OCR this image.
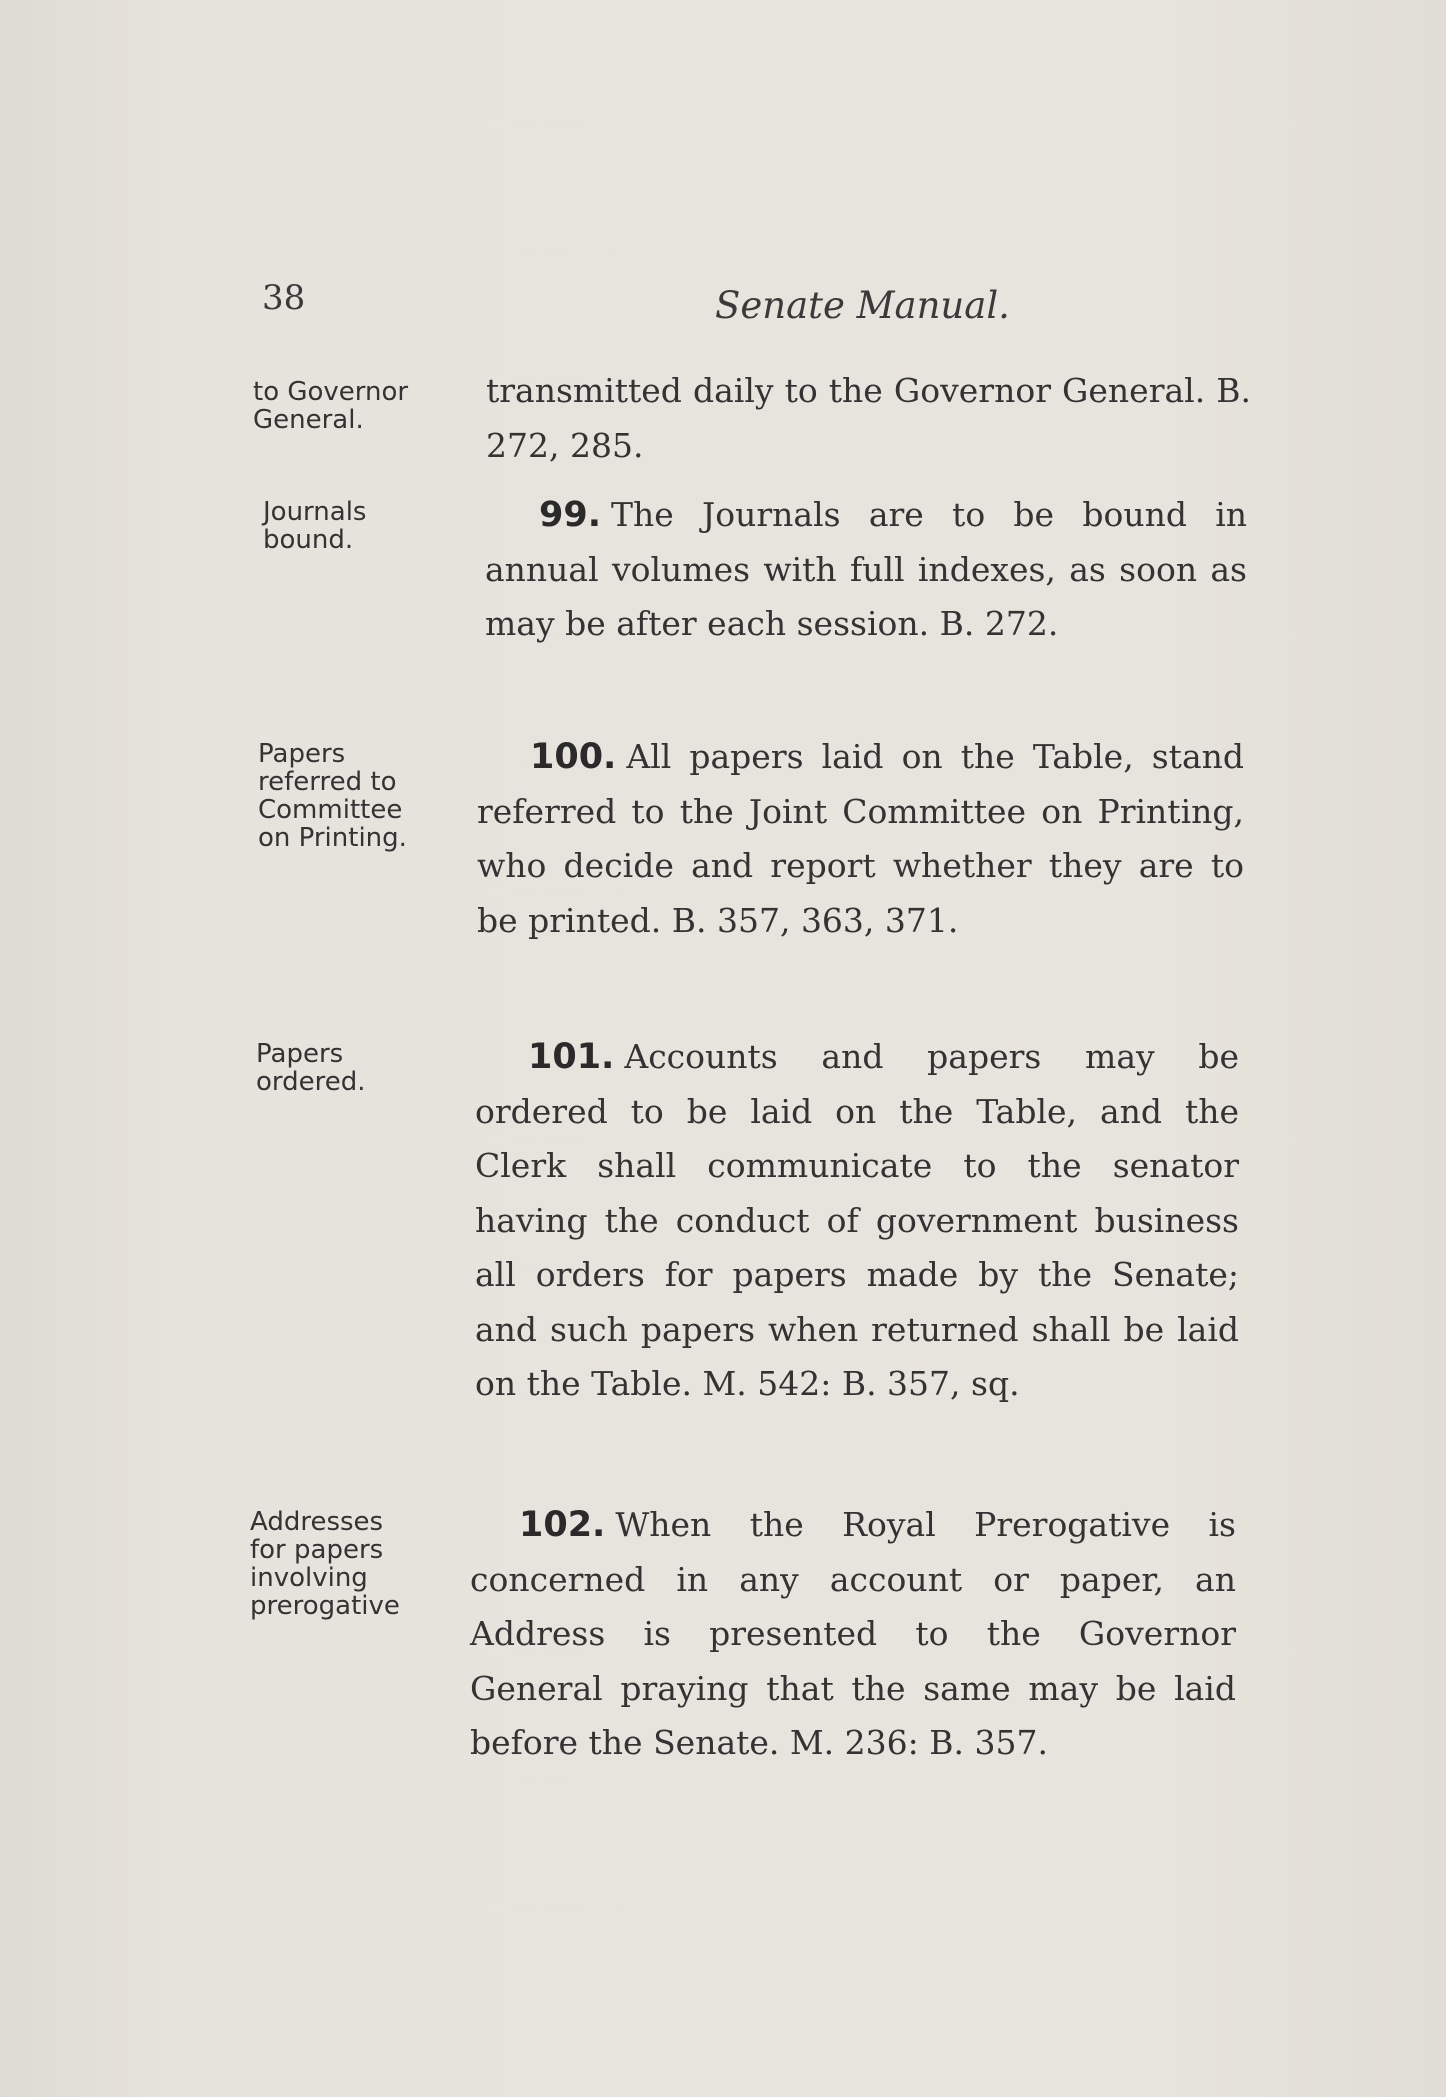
38	Senate Manual.
to Governor General.
transmitted daily to the Governor General. B. 272, 285.
Journals bound.
99. The Journals are to be bound in annual volumes with full indexes, as soon as may be after each session. B. 272.
Papers referred to Committee on Printing.
100. All papers laid on the Table, stand referred to the Joint Committee on Printing, who decide and report whether they are to be printed. B. 357, 363, 371.
Papers ordered.
101. Accounts and papers may be ordered to be laid on the Table, and the Clerk shall communicate to the senator having the conduct of government business all orders for papers made by the Senate; and such papers when returned shall be laid on the Table. M. 542: B. 357, sq.
Addresses for papers involving prerogative
102. When the Royal Prerogative is concerned in any account or paper, an Address is presented to the Governor General praying that the same may be laid before the Senate. M. 236: B. 357.
